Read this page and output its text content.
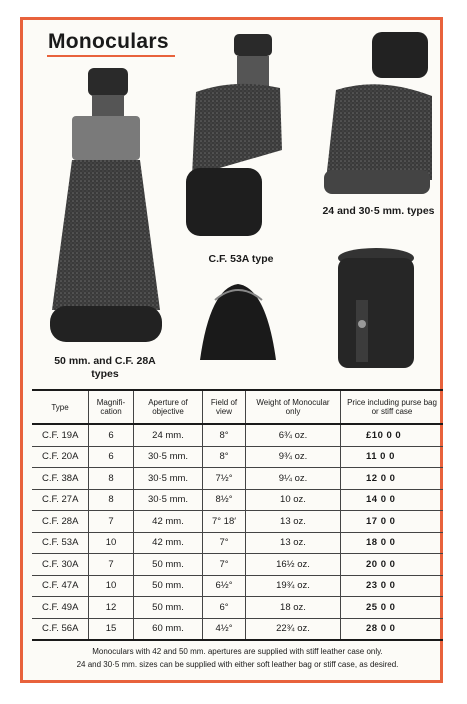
Monoculars
50 mm. and C.F. 28A types
C.F. 53A type
24 and 30·5 mm. types
Type	Magnifi-cation	Aperture of objective	Field of view	Weight of Monocular only	Price including purse bag or stiff case
C.F. 19A	6	24 mm.	8°	6¾ oz.	£10 0 0
C.F. 20A	6	30·5 mm.	8°	9¾ oz.	11 0 0
C.F. 38A	8	30·5 mm.	7½°	9¼ oz.	12 0 0
C.F. 27A	8	30·5 mm.	8½°	10 oz.	14 0 0
C.F. 28A	7	42 mm.	7° 18′	13 oz.	17 0 0
C.F. 53A	10	42 mm.	7°	13 oz.	18 0 0
C.F. 30A	7	50 mm.	7°	16½ oz.	20 0 0
C.F. 47A	10	50 mm.	6½°	19¾ oz.	23 0 0
C.F. 49A	12	50 mm.	6°	18 oz.	25 0 0
C.F. 56A	15	60 mm.	4½°	22¾ oz.	28 0 0
Monoculars with 42 and 50 mm. apertures are supplied with stiff leather case only.
24 and 30·5 mm. sizes can be supplied with either soft leather bag or stiff case, as desired.
